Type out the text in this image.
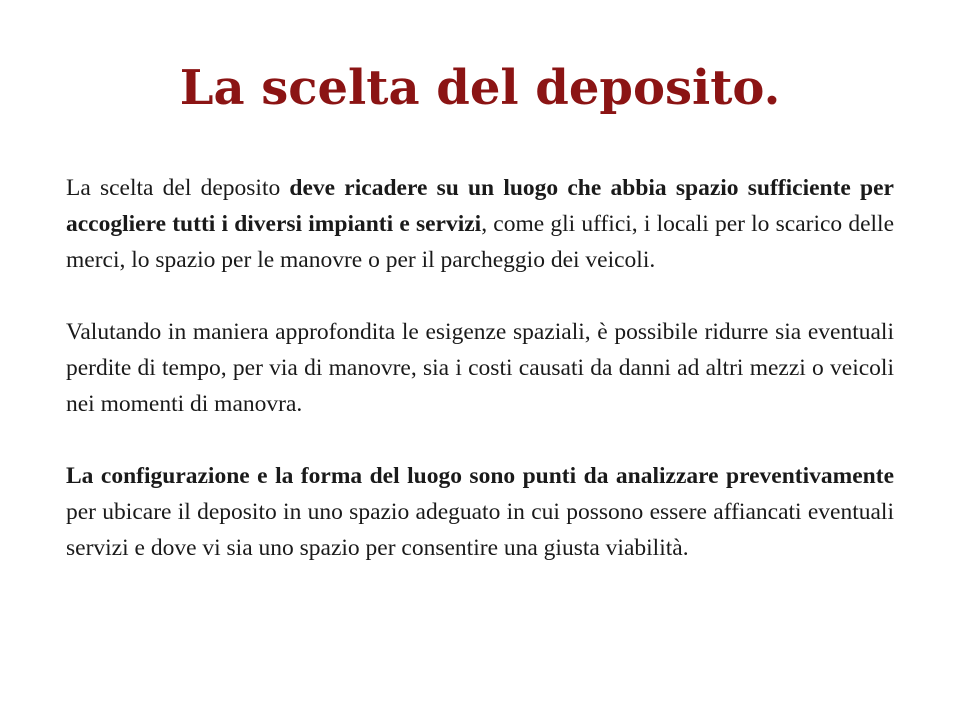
La scelta del deposito.

La scelta del deposito deve ricadere su un luogo che abbia spazio sufficiente per accogliere tutti i diversi impianti e servizi, come gli uffici, i locali per lo scarico delle merci, lo spazio per le manovre o per il parcheggio dei veicoli.

Valutando in maniera approfondita le esigenze spaziali, è possibile ridurre sia eventuali perdite di tempo, per via di manovre, sia i costi causati da danni ad altri mezzi o veicoli nei momenti di manovra.

La configurazione e la forma del luogo sono punti da analizzare preventivamente per ubicare il deposito in uno spazio adeguato in cui possono essere affiancati eventuali servizi e dove vi sia uno spazio per consentire una giusta viabilità.
